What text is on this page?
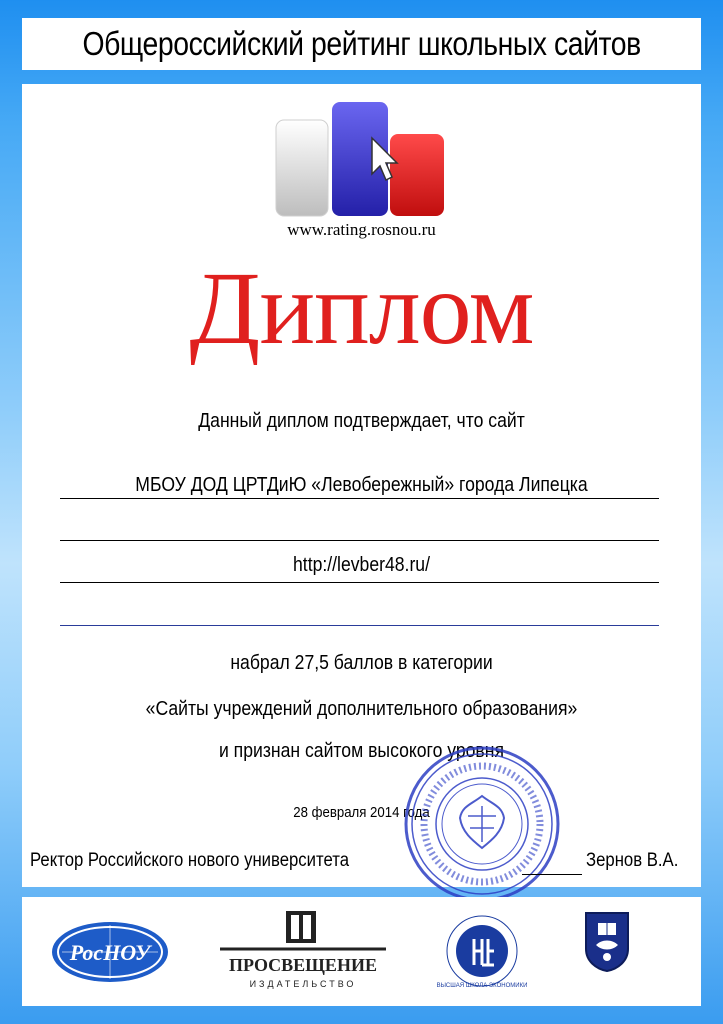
Общероссийский рейтинг школьных сайтов
www.rating.rosnou.ru
Диплом
Данный диплом подтверждает, что сайт
МБОУ ДОД ЦРТДиЮ «Левобережный» города Липецка
http://levber48.ru/
набрал 27,5 баллов в категории
«Сайты учреждений дополнительного образования»
и признан сайтом высокого уровня
28 февраля 2014 года
Ректор Российского нового университета	Зернов В.А.
РосНОУ	ПРОСВЕЩЕНИЕ
ИЗДАТЕЛЬСТВО	ВЫСШАЯ ШКОЛА ЭКОНОМИКИ
